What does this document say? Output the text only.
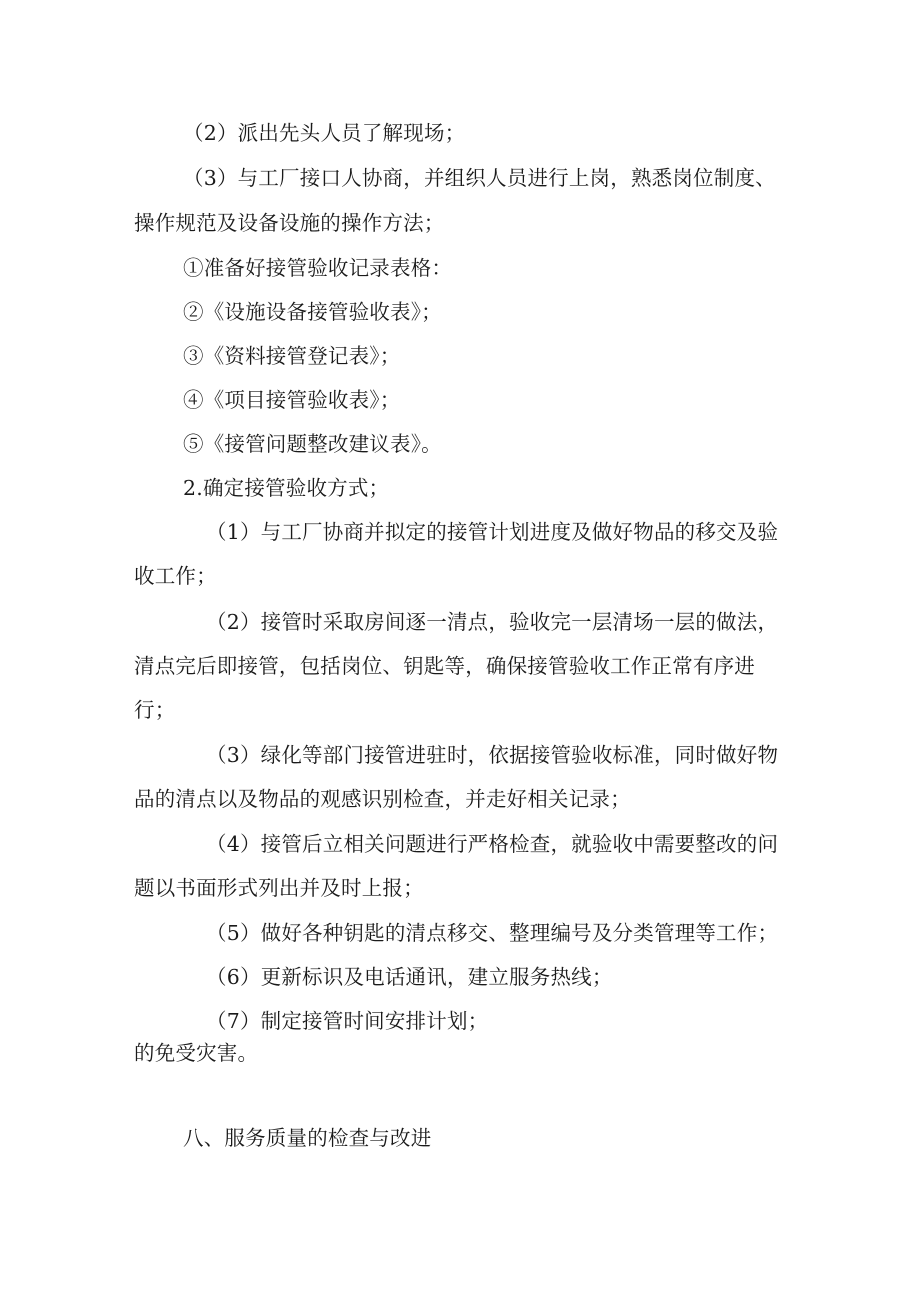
（2）派出先头人员了解现场；
（3）与工厂接口人协商，并组织人员进行上岗，熟悉岗位制度、
操作规范及设备设施的操作方法；
①准备好接管验收记录表格：
②《设施设备接管验收表》；
③《资料接管登记表》；
④《项目接管验收表》；
⑤《接管问题整改建议表》。
2.确定接管验收方式；
（1）与工厂协商并拟定的接管计划进度及做好物品的移交及验
收工作；
（2）接管时采取房间逐一清点，验收完一层清场一层的做法，
清点完后即接管，包括岗位、钥匙等，确保接管验收工作正常有序进
行；
（3）绿化等部门接管进驻时，依据接管验收标准，同时做好物
品的清点以及物品的观感识别检查，并走好相关记录；
（4）接管后立相关问题进行严格检查，就验收中需要整改的问
题以书面形式列出并及时上报；
（5）做好各种钥匙的清点移交、整理编号及分类管理等工作；
（6）更新标识及电话通讯，建立服务热线；
（7）制定接管时间安排计划；
的免受灾害。
八、服务质量的检查与改进
